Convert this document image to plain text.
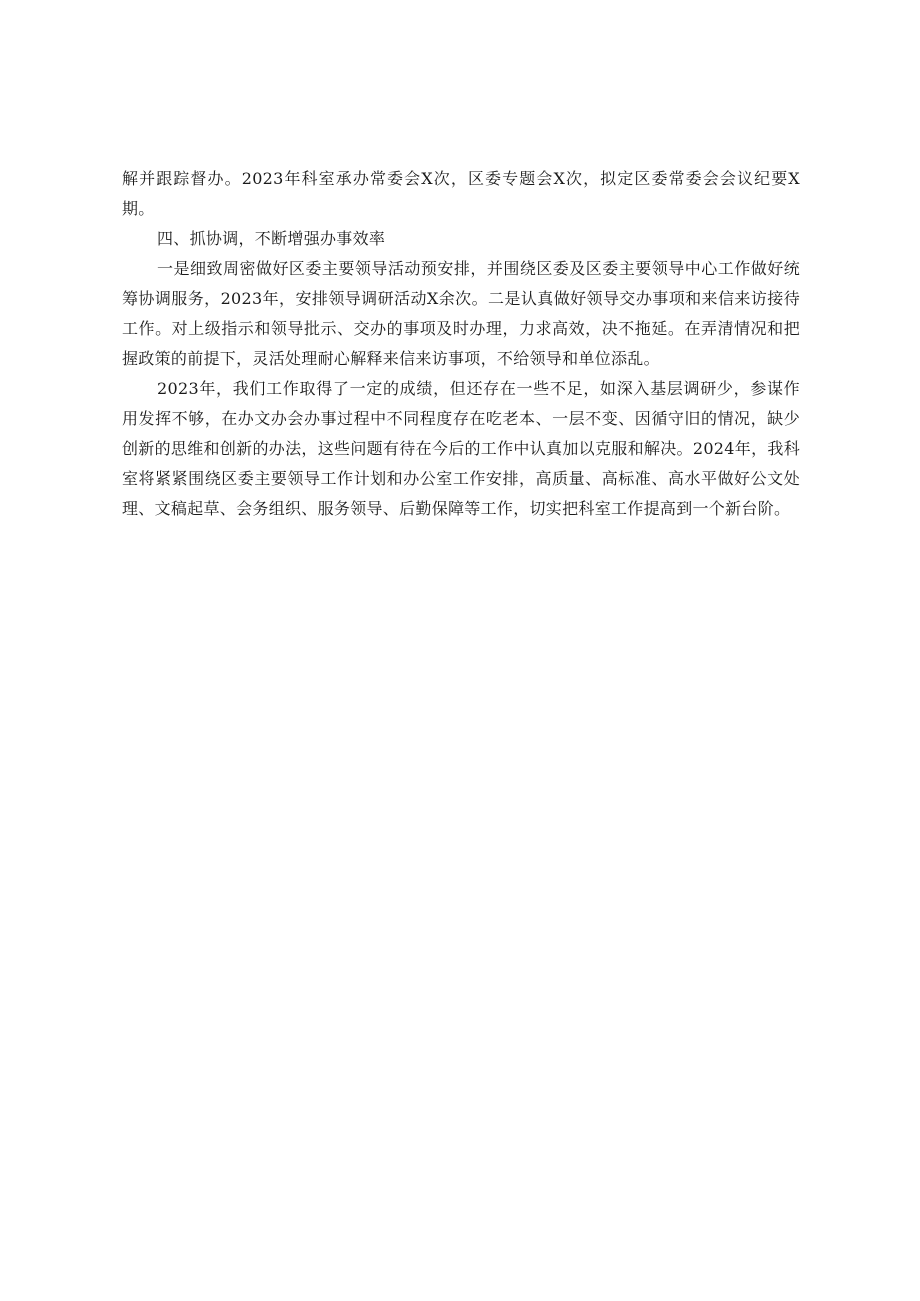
解并跟踪督办。2023年科室承办常委会X次，区委专题会X次，拟定区委常委会会议纪要X期。

四、抓协调，不断增强办事效率

一是细致周密做好区委主要领导活动预安排，并围绕区委及区委主要领导中心工作做好统筹协调服务，2023年，安排领导调研活动X余次。二是认真做好领导交办事项和来信来访接待工作。对上级指示和领导批示、交办的事项及时办理，力求高效，决不拖延。在弄清情况和把握政策的前提下，灵活处理耐心解释来信来访事项，不给领导和单位添乱。

2023年，我们工作取得了一定的成绩，但还存在一些不足，如深入基层调研少，参谋作用发挥不够，在办文办会办事过程中不同程度存在吃老本、一层不变、因循守旧的情况，缺少创新的思维和创新的办法，这些问题有待在今后的工作中认真加以克服和解决。2024年，我科室将紧紧围绕区委主要领导工作计划和办公室工作安排，高质量、高标准、高水平做好公文处理、文稿起草、会务组织、服务领导、后勤保障等工作，切实把科室工作提高到一个新台阶。
